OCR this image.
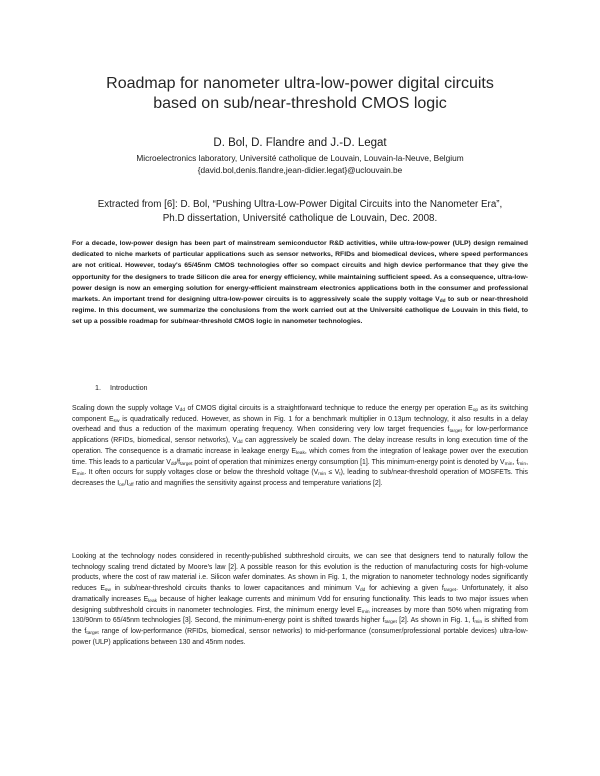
Roadmap for nanometer ultra-low-power digital circuits
based on sub/near-threshold CMOS logic
D. Bol, D. Flandre and J.-D. Legat
Microelectronics laboratory, Université catholique de Louvain, Louvain-la-Neuve, Belgium
{david.bol,denis.flandre,jean-didier.legat}@uclouvain.be
Extracted from [6]: D. Bol, “Pushing Ultra-Low-Power Digital Circuits into the Nanometer Era”,
Ph.D dissertation, Université catholique de Louvain, Dec. 2008.
For a decade, low-power design has been part of mainstream semiconductor R&D activities, while ultra-low-power (ULP) design remained dedicated to niche markets of particular applications such as sensor networks, RFIDs and biomedical devices, where speed performances are not critical. However, today's 65/45nm CMOS technologies offer so compact circuits and high device performance that they give the opportunity for the designers to trade Silicon die area for energy efficiency, while maintaining sufficient speed. As a consequence, ultra-low-power design is now an emerging solution for energy-efficient mainstream electronics applications both in the consumer and professional markets. An important trend for designing ultra-low-power circuits is to aggressively scale the supply voltage $V_{dd}$ to sub or near-threshold regime. In this document, we summarize the conclusions from the work carried out at the Université catholique de Louvain in this field, to set up a possible roadmap for sub/near-threshold CMOS logic in nanometer technologies.
1. Introduction
Scaling down the supply voltage $V_{dd}$ of CMOS digital circuits is a straightforward technique to reduce the energy per operation $E_{op}$ as its switching component $E_{sw}$ is quadratically reduced. However, as shown in Fig. 1 for a benchmark multiplier in 0.13µm technology, it also results in a delay overhead and thus a reduction of the maximum operating frequency. When considering very low target frequencies $f_{target}$ for low-performance applications (RFIDs, biomedical, sensor networks), $V_{dd}$ can aggressively be scaled down. The delay increase results in long execution time of the operation. The consequence is a dramatic increase in leakage energy $E_{leak}$, which comes from the integration of leakage power over the execution time. This leads to a particular $V_{dd}/f_{target}$ point of operation that minimizes energy consumption [1]. This minimum-energy point is denoted by $V_{min}$, $f_{min}$, $E_{min}$. It often occurs for supply voltages close or below the threshold voltage $(V_{min} \le V_t)$, leading to sub/near-threshold operation of MOSFETs. This decreases the $I_{on}/I_{off}$ ratio and magnifies the sensitivity against process and temperature variations [2].
Looking at the technology nodes considered in recently-published subthreshold circuits, we can see that designers tend to naturally follow the technology scaling trend dictated by Moore's law [2]. A possible reason for this evolution is the reduction of manufacturing costs for high-volume products, where the cost of raw material i.e. Silicon wafer dominates. As shown in Fig. 1, the migration to nanometer technology nodes significantly reduces $E_{sw}$ in sub/near-threshold circuits thanks to lower capacitances and minimum $V_{dd}$ for achieving a given $f_{target}$. Unfortunately, it also dramatically increases $E_{leak}$ because of higher leakage currents and minimum Vdd for ensuring functionality. This leads to two major issues when designing subthreshold circuits in nanometer technologies. First, the minimum energy level $E_{min}$ increases by more than 50% when migrating from 130/90nm to 65/45nm technologies [3]. Second, the minimum-energy point is shifted towards higher $f_{target}$ [2]. As shown in Fig. 1, $f_{min}$ is shifted from the $f_{target}$ range of low-performance (RFIDs, biomedical, sensor networks) to mid-performance (consumer/professional portable devices) ultra-low-power (ULP) applications between 130 and 45nm nodes.
